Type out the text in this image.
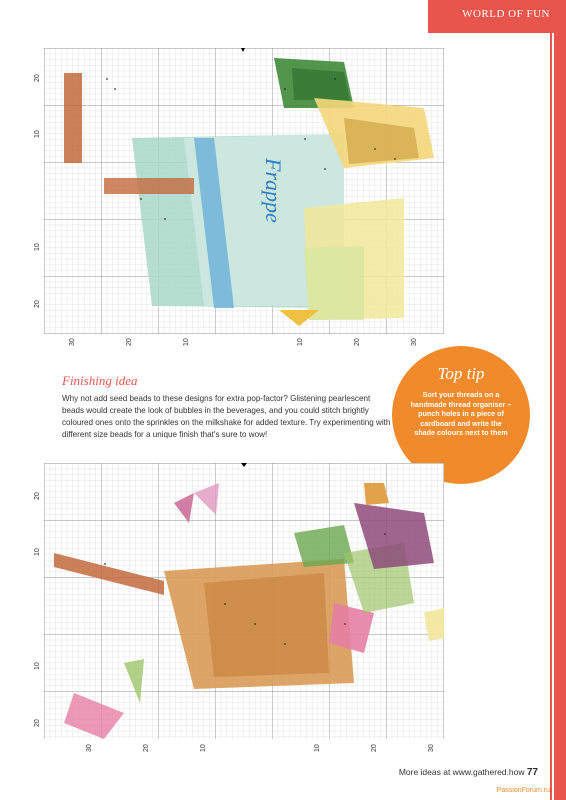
WORLD OF FUN
Frappe
20
10
10
20
30	20	10	10	20	30
Finishing idea
Why not add seed beads to these designs for extra pop-factor? Glistening pearlescent beads would create the look of bubbles in the beverages, and you could stitch brightly coloured ones onto the sprinkles on the milkshake for added texture. Try experimenting with different size beads for a unique finish that's sure to wow!
Top tip
Sort your threads on a handmade thread organiser – punch holes in a piece of cardboard and write the shade colours next to them
20
10
10
20
30	20	10	10	20	30
More ideas at www.gathered.how 77
PassionForum.ru
